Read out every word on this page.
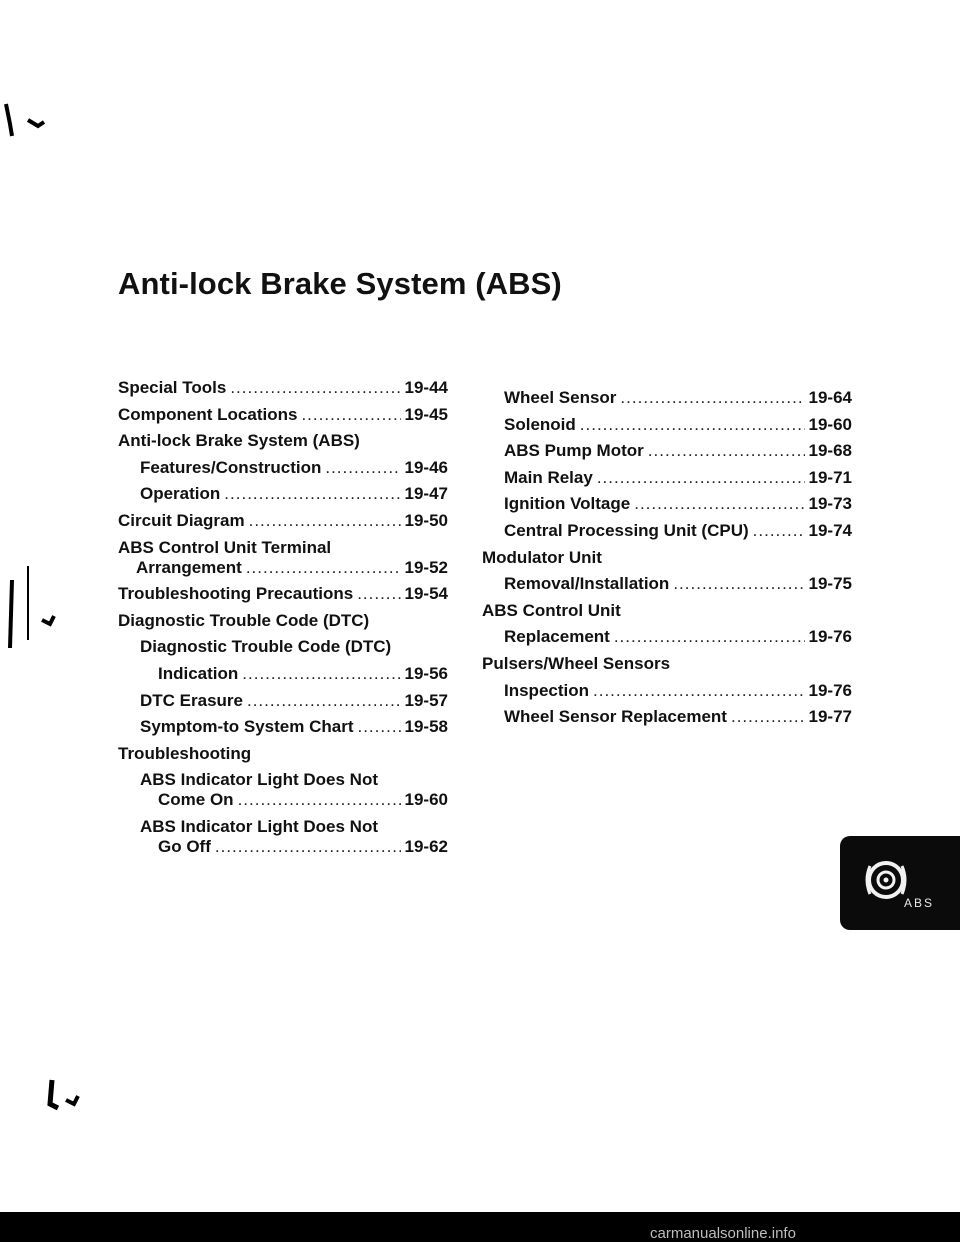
Anti-lock Brake System (ABS)
Special Tools .....	19-44
Component Locations .....	19-45
Anti-lock Brake System (ABS)
Features/Construction .....	19-46
Operation .....	19-47
Circuit Diagram .....	19-50
ABS Control Unit Terminal
Arrangement .....	19-52
Troubleshooting Precautions .....	19-54
Diagnostic Trouble Code (DTC)
Diagnostic Trouble Code (DTC)
Indication .....	19-56
DTC Erasure .....	19-57
Symptom-to System Chart .....	19-58
Troubleshooting
ABS Indicator Light Does Not
Come On .....	19-60
ABS Indicator Light Does Not
Go Off .....	19-62
Wheel Sensor .....	19-64
Solenoid .....	19-60
ABS Pump Motor .....	19-68
Main Relay .....	19-71
Ignition Voltage .....	19-73
Central Processing Unit (CPU) .....	19-74
Modulator Unit
Removal/Installation .....	19-75
ABS Control Unit
Replacement .....	19-76
Pulsers/Wheel Sensors
Inspection .....	19-76
Wheel Sensor Replacement .....	19-77
ABS
carmanualsonline.info
